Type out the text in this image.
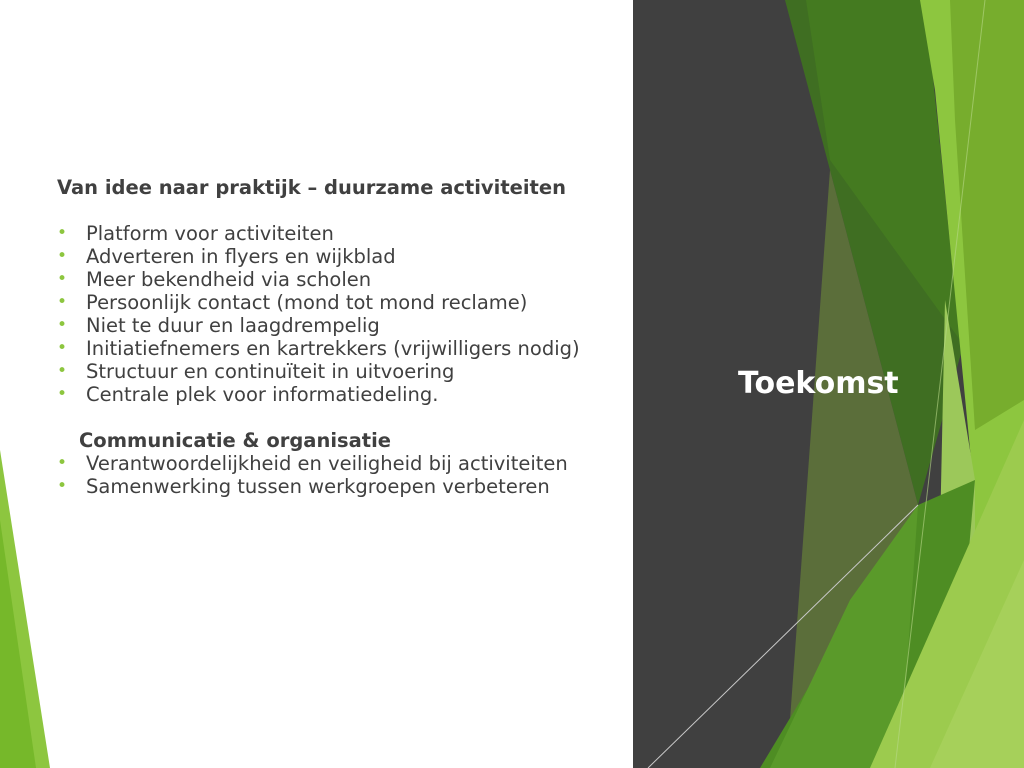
Van idee naar praktijk – duurzame activiteiten

• Platform voor activiteiten
• Adverteren in flyers en wijkblad
• Meer bekendheid via scholen
• Persoonlijk contact (mond tot mond reclame)
• Niet te duur en laagdrempelig
• Initiatiefnemers en kartrekkers (vrijwilligers nodig)
• Structuur en continuïteit in uitvoering
• Centrale plek voor informatiedeling.

Communicatie & organisatie

• Verantwoordelijkheid en veiligheid bij activiteiten
• Samenwerking tussen werkgroepen verbeteren
Toekomst
